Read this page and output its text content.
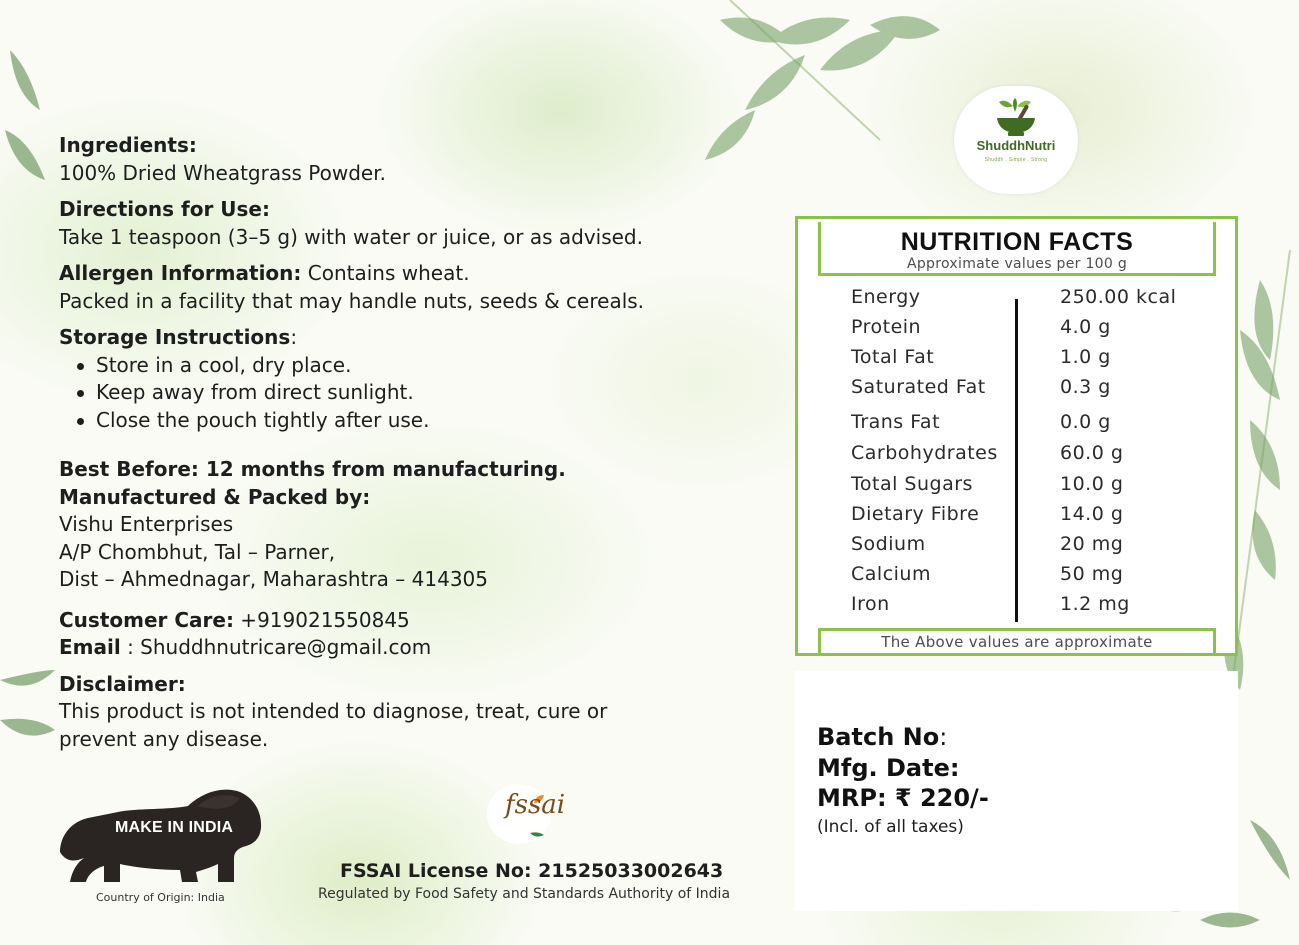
Ingredients:
100% Dried Wheatgrass Powder.
Directions for Use:
Take 1 teaspoon (3–5 g) with water or juice, or as advised.
Allergen Information: Contains wheat.
Packed in a facility that may handle nuts, seeds & cereals.
Storage Instructions:
Store in a cool, dry place.
Keep away from direct sunlight.
Close the pouch tightly after use.
Best Before: 12 months from manufacturing.
Manufactured & Packed by:
Vishu Enterprises
A/P Chombhut, Tal – Parner,
Dist – Ahmednagar, Maharashtra – 414305
Customer Care: +919021550845
Email : Shuddhnutricare@gmail.com
Disclaimer:
This product is not intended to diagnose, treat, cure or
prevent any disease.
ShuddhNutri
Shuddh . Simple . Strong
NUTRITION FACTS
Approximate values per 100 g
Energy	250.00 kcal
Protein	4.0 g
Total Fat	1.0 g
Saturated Fat	0.3 g
Trans Fat	0.0 g
Carbohydrates	60.0 g
Total Sugars	10.0 g
Dietary Fibre	14.0 g
Sodium	20 mg
Calcium	50 mg
Iron	1.2 mg
The Above values are approximate
Batch No:
Mfg. Date:
MRP: ₹ 220/-
(Incl. of all taxes)
MAKE IN INDIA
Country of Origin: India
fssai
FSSAI License No: 21525033002643
Regulated by Food Safety and Standards Authority of India
